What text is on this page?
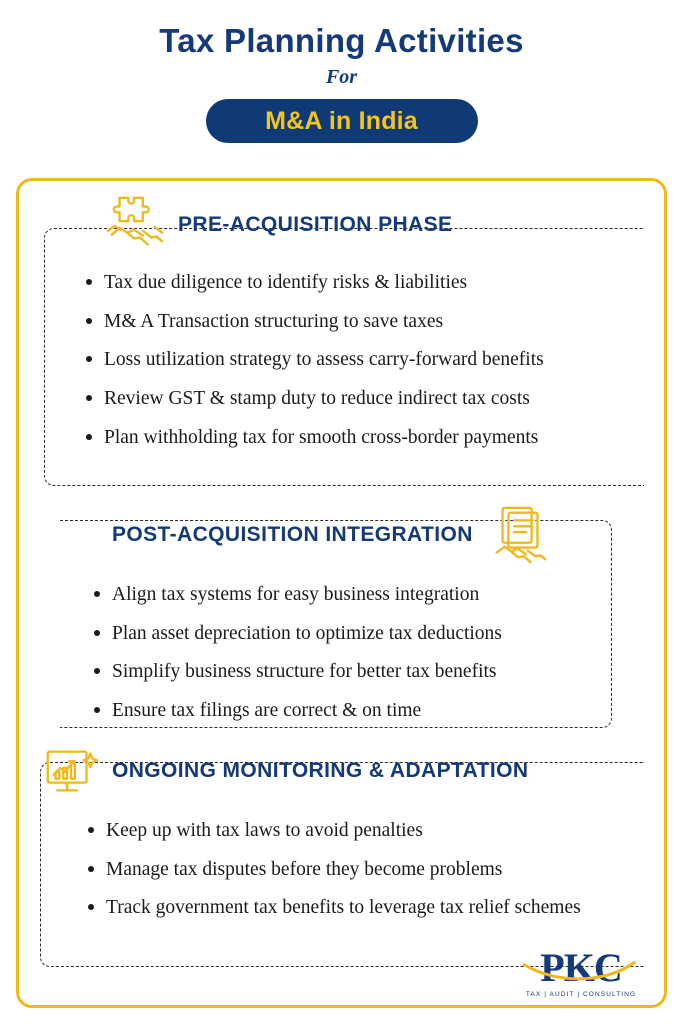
Tax Planning Activities
For
M&A in India
PRE-ACQUISITION PHASE
Tax due diligence to identify risks & liabilities
M& A Transaction structuring to save taxes
Loss utilization strategy to assess carry-forward benefits
Review GST & stamp duty to reduce indirect tax costs
Plan withholding tax for smooth cross-border payments
POST-ACQUISITION INTEGRATION
Align tax systems for easy business integration
Plan asset depreciation to optimize tax deductions
Simplify business structure for better tax benefits
Ensure tax filings are correct & on time
ONGOING MONITORING & ADAPTATION
Keep up with tax laws to avoid penalties
Manage tax disputes before they become problems
Track government tax benefits to leverage tax relief schemes
PKC
TAX | AUDIT | CONSULTING
